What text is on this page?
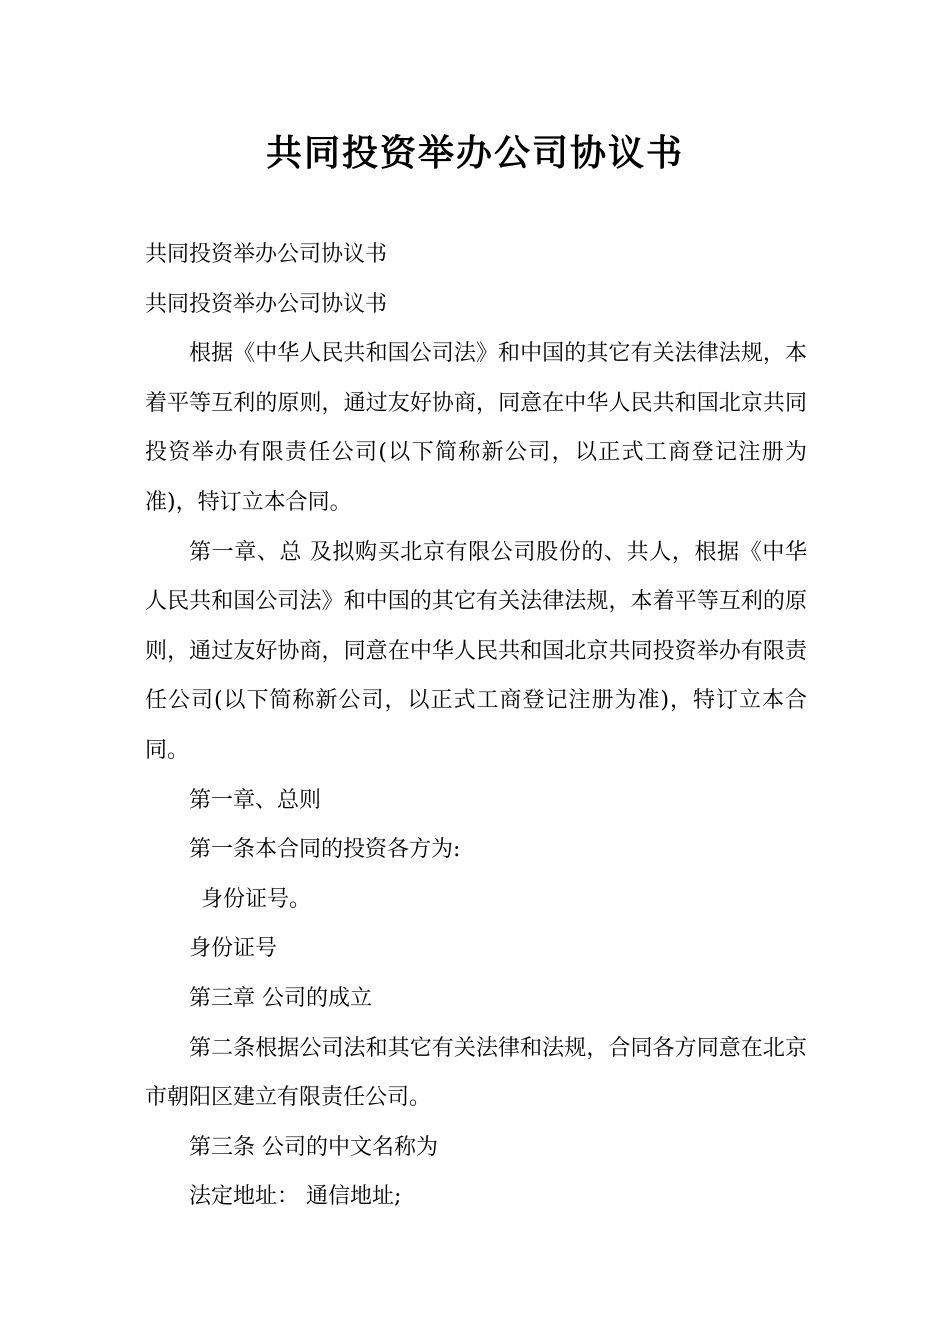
共同投资举办公司协议书

共同投资举办公司协议书

共同投资举办公司协议书

根据《中华人民共和国公司法》和中国的其它有关法律法规，本着平等互利的原则，通过友好协商，同意在中华人民共和国北京共同投资举办有限责任公司(以下简称新公司，以正式工商登记注册为准)，特订立本合同。

第一章、总 及拟购买北京有限公司股份的、共人，根据《中华人民共和国公司法》和中国的其它有关法律法规，本着平等互利的原则，通过友好协商，同意在中华人民共和国北京共同投资举办有限责任公司(以下简称新公司，以正式工商登记注册为准)，特订立本合同。

第一章、总则

第一条本合同的投资各方为:

身份证号。

身份证号

第三章 公司的成立

第二条根据公司法和其它有关法律和法规，合同各方同意在北京市朝阳区建立有限责任公司。

第三条 公司的中文名称为

法定地址： 通信地址;
